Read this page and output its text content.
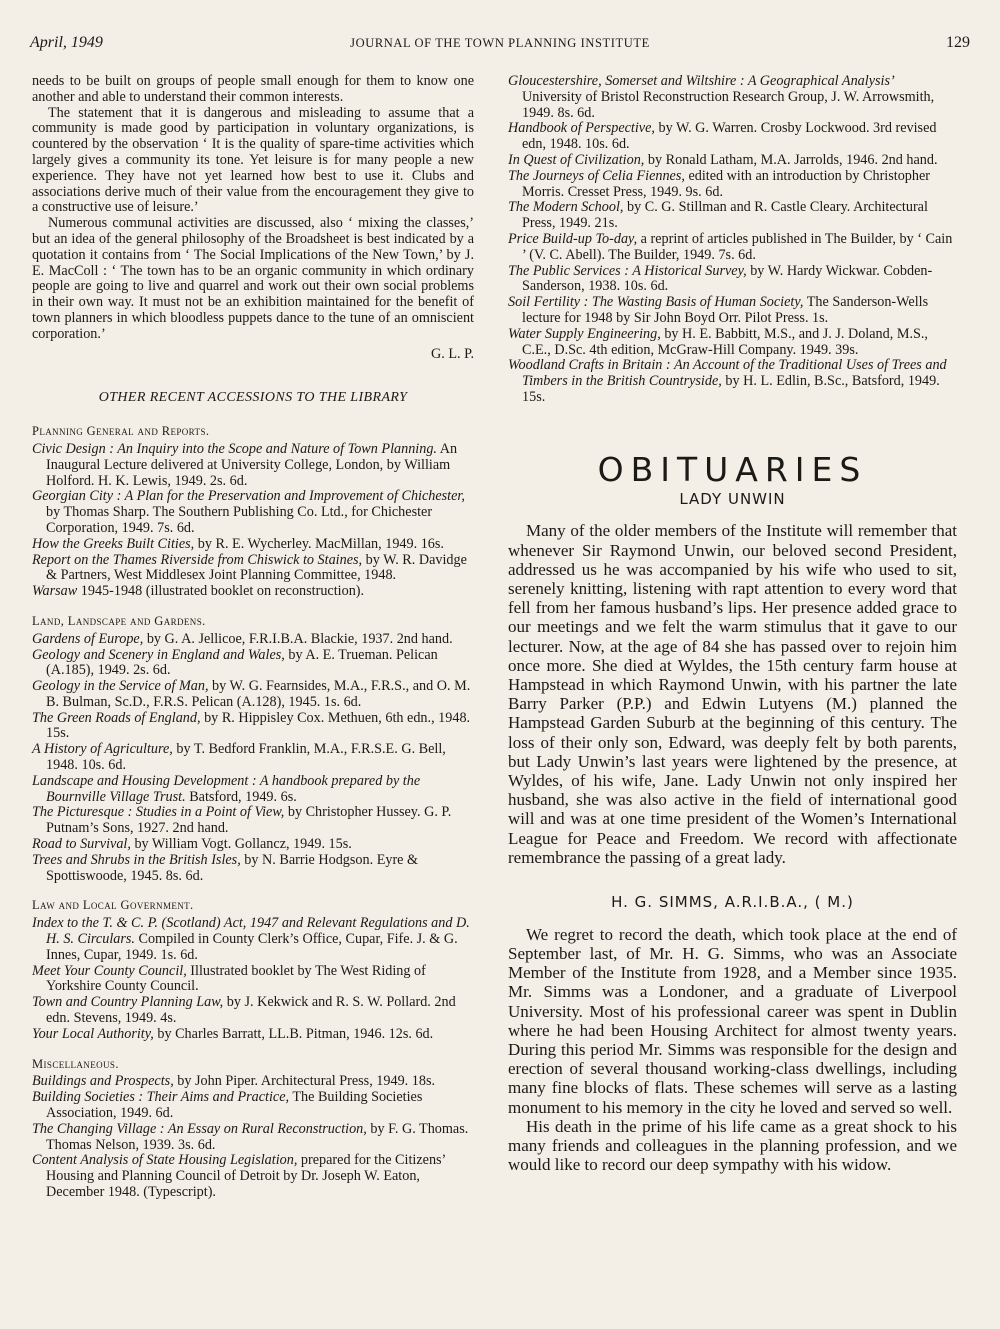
April, 1949	JOURNAL OF THE TOWN PLANNING INSTITUTE	129

needs to be built on groups of people small enough for them to know one another and able to understand their common interests.

The statement that it is dangerous and misleading to assume that a community is made good by participation in voluntary organizations, is countered by the observation ‘ It is the quality of spare-time activities which largely gives a community its tone. Yet leisure is for many people a new experience. They have not yet learned how best to use it. Clubs and associations derive much of their value from the encouragement they give to a constructive use of leisure.’

Numerous communal activities are discussed, also ‘ mixing the classes,’ but an idea of the general philosophy of the Broadsheet is best indicated by a quotation it contains from ‘ The Social Implications of the New Town,’ by J. E. MacColl : ‘ The town has to be an organic community in which ordinary people are going to live and quarrel and work out their own social problems in their own way. It must not be an exhibition maintained for the benefit of town planners in which bloodless puppets dance to the tune of an omniscient corporation.’

G. L. P.

OTHER RECENT ACCESSIONS TO THE LIBRARY
Planning General and Reports.

Civic Design : An Inquiry into the Scope and Nature of Town Planning. An Inaugural Lecture delivered at University College, London, by William Holford. H. K. Lewis, 1949. 2s. 6d.

Georgian City : A Plan for the Preservation and Improvement of Chichester, by Thomas Sharp. The Southern Publishing Co. Ltd., for Chichester Corporation, 1949. 7s. 6d.

How the Greeks Built Cities, by R. E. Wycherley. MacMillan, 1949. 16s.

Report on the Thames Riverside from Chiswick to Staines, by W. R. Davidge & Partners, West Middlesex Joint Planning Committee, 1948.

Warsaw 1945-1948 (illustrated booklet on reconstruction).

Land, Landscape and Gardens.

Gardens of Europe, by G. A. Jellicoe, F.R.I.B.A. Blackie, 1937. 2nd hand.

Geology and Scenery in England and Wales, by A. E. Trueman. Pelican (A.185), 1949. 2s. 6d.

Geology in the Service of Man, by W. G. Fearnsides, M.A., F.R.S., and O. M. B. Bulman, Sc.D., F.R.S. Pelican (A.128), 1945. 1s. 6d.

The Green Roads of England, by R. Hippisley Cox. Methuen, 6th edn., 1948. 15s.

A History of Agriculture, by T. Bedford Franklin, M.A., F.R.S.E. G. Bell, 1948. 10s. 6d.

Landscape and Housing Development : A handbook prepared by the Bournville Village Trust. Batsford, 1949. 6s.

The Picturesque : Studies in a Point of View, by Christopher Hussey. G. P. Putnam’s Sons, 1927. 2nd hand.

Road to Survival, by William Vogt. Gollancz, 1949. 15s.

Trees and Shrubs in the British Isles, by N. Barrie Hodgson. Eyre & Spottiswoode, 1945. 8s. 6d.

Law and Local Government.

Index to the T. & C. P. (Scotland) Act, 1947 and Relevant Regulations and D. H. S. Circulars. Compiled in County Clerk’s Office, Cupar, Fife. J. & G. Innes, Cupar, 1949. 1s. 6d.

Meet Your County Council, Illustrated booklet by The West Riding of Yorkshire County Council.

Town and Country Planning Law, by J. Kekwick and R. S. W. Pollard. 2nd edn. Stevens, 1949. 4s.

Your Local Authority, by Charles Barratt, LL.B. Pitman, 1946. 12s. 6d.

Miscellaneous.

Buildings and Prospects, by John Piper. Architectural Press, 1949. 18s.

Building Societies : Their Aims and Practice, The Building Societies Association, 1949. 6d.

The Changing Village : An Essay on Rural Reconstruction, by F. G. Thomas. Thomas Nelson, 1939. 3s. 6d.

Content Analysis of State Housing Legislation, prepared for the Citizens’ Housing and Planning Council of Detroit by Dr. Joseph W. Eaton, December 1948. (Typescript).

Gloucestershire, Somerset and Wiltshire : A Geographical Analysis’ University of Bristol Reconstruction Research Group, J. W. Arrowsmith, 1949. 8s. 6d.

Handbook of Perspective, by W. G. Warren. Crosby Lockwood. 3rd revised edn, 1948. 10s. 6d.

In Quest of Civilization, by Ronald Latham, M.A. Jarrolds, 1946. 2nd hand.

The Journeys of Celia Fiennes, edited with an introduction by Christopher Morris. Cresset Press, 1949. 9s. 6d.

The Modern School, by C. G. Stillman and R. Castle Cleary. Architectural Press, 1949. 21s.

Price Build-up To-day, a reprint of articles published in The Builder, by ‘ Cain ’ (V. C. Abell). The Builder, 1949. 7s. 6d.

The Public Services : A Historical Survey, by W. Hardy Wickwar. Cobden-Sanderson, 1938. 10s. 6d.

Soil Fertility : The Wasting Basis of Human Society, The Sanderson-Wells lecture for 1948 by Sir John Boyd Orr. Pilot Press. 1s.

Water Supply Engineering, by H. E. Babbitt, M.S., and J. J. Doland, M.S., C.E., D.Sc. 4th edition, McGraw-Hill Company. 1949. 39s.

Woodland Crafts in Britain : An Account of the Traditional Uses of Trees and Timbers in the British Countryside, by H. L. Edlin, B.Sc., Batsford, 1949. 15s.

OBITUARIES
LADY UNWIN

Many of the older members of the Institute will remember that whenever Sir Raymond Unwin, our beloved second President, addressed us he was accompanied by his wife who used to sit, serenely knitting, listening with rapt attention to every word that fell from her famous husband’s lips. Her presence added grace to our meetings and we felt the warm stimulus that it gave to our lecturer. Now, at the age of 84 she has passed over to rejoin him once more. She died at Wyldes, the 15th century farm house at Hampstead in which Raymond Unwin, with his partner the late Barry Parker (P.P.) and Edwin Lutyens (M.) planned the Hampstead Garden Suburb at the beginning of this century. The loss of their only son, Edward, was deeply felt by both parents, but Lady Unwin’s last years were lightened by the presence, at Wyldes, of his wife, Jane. Lady Unwin not only inspired her husband, she was also active in the field of international good will and was at one time president of the Women’s International League for Peace and Freedom. We record with affectionate remembrance the passing of a great lady.

H. G. SIMMS, A.R.I.B.A., ( M.)

We regret to record the death, which took place at the end of September last, of Mr. H. G. Simms, who was an Associate Member of the Institute from 1928, and a Member since 1935. Mr. Simms was a Londoner, and a graduate of Liverpool University. Most of his professional career was spent in Dublin where he had been Housing Architect for almost twenty years. During this period Mr. Simms was responsible for the design and erection of several thousand working-class dwellings, including many fine blocks of flats. These schemes will serve as a lasting monument to his memory in the city he loved and served so well.

His death in the prime of his life came as a great shock to his many friends and colleagues in the planning profession, and we would like to record our deep sympathy with his widow.
